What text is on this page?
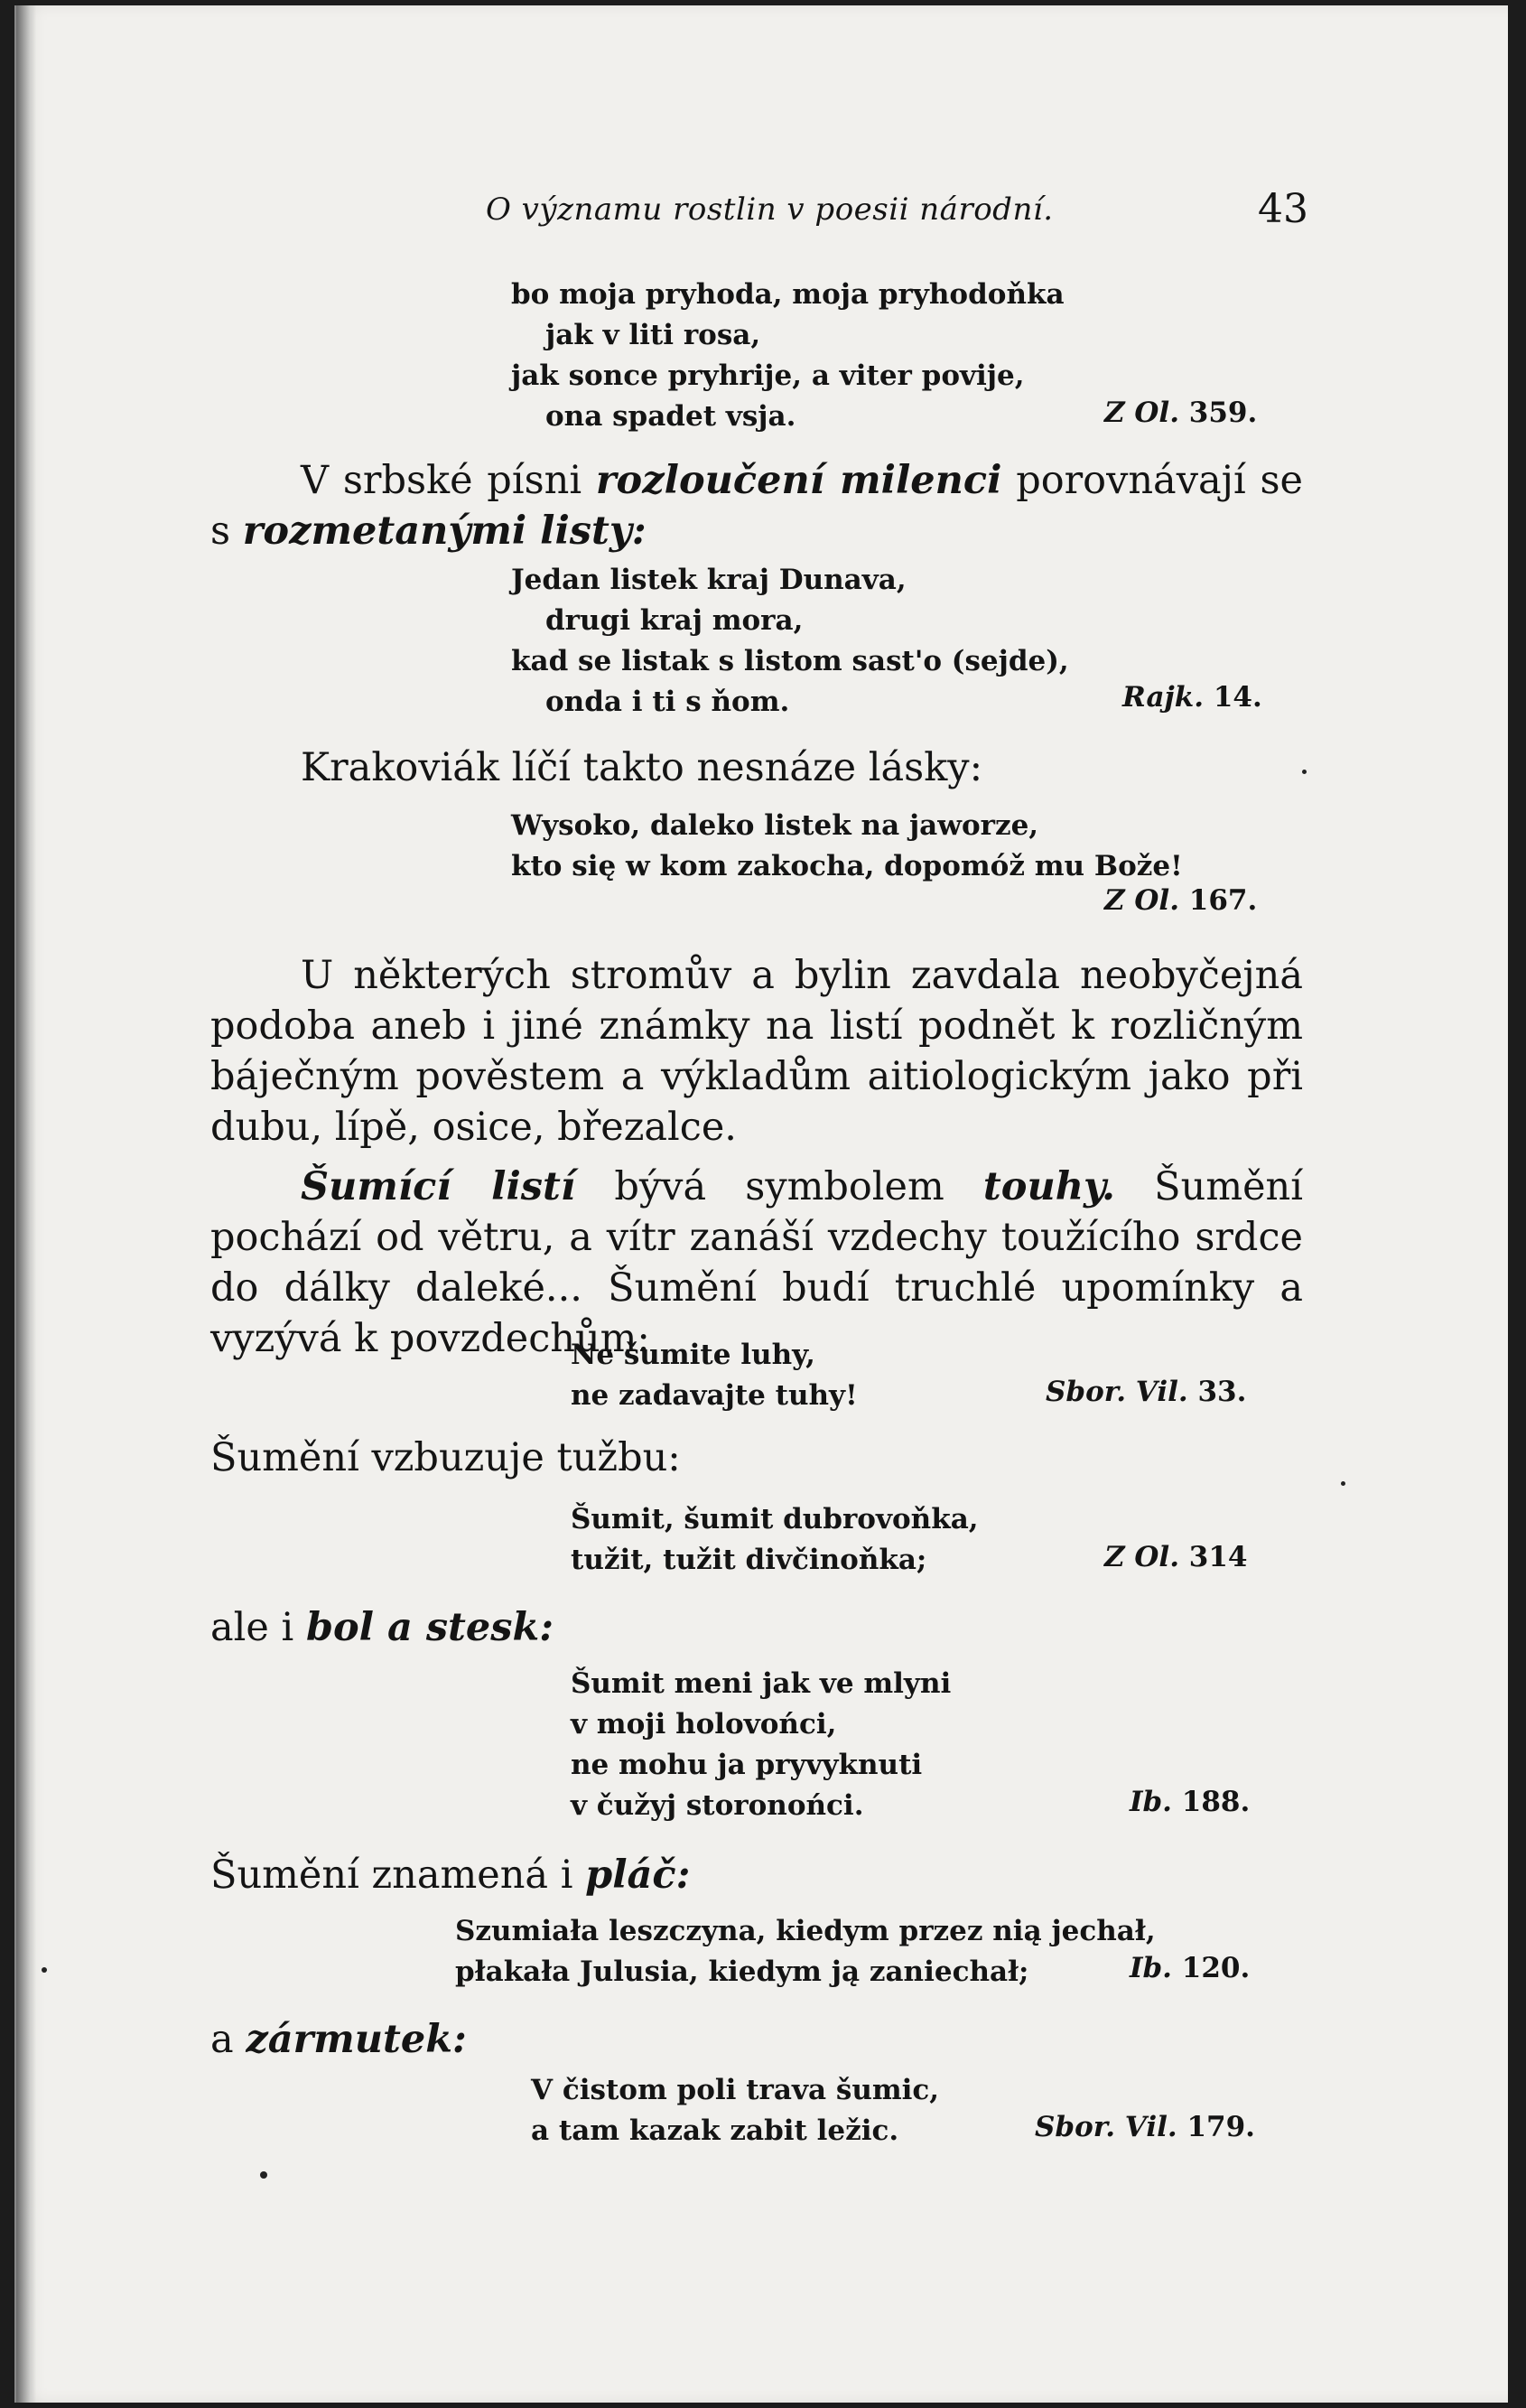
O významu rostlin v poesii národní.	43
bo moja pryhoda, moja pryhodoňka
jak v liti rosa,
jak sonce pryhrije, a viter povije,
ona spadet vsja.	Z Ol. 359.
V srbské písni rozloučení milenci porovnávají se s rozmetanými listy:
Jedan listek kraj Dunava,
drugi kraj mora,
kad se listak s listom sast'o (sejde),
onda i ti s ňom.	Rajk. 14.
Krakoviák líčí takto nesnáze lásky:
Wysoko, daleko listek na jaworze,
kto się w kom zakocha, dopomóž mu Bože!
Z Ol. 167.
U některých stromův a bylin zavdala neobyčejná podoba aneb i jiné známky na listí podnět k rozličným báječným pověstem a výkladům aitiologickým jako při dubu, lípě, osice, březalce.
Šumící listí bývá symbolem touhy. Šumění pochází od větru, a vítr zanáší vzdechy toužícího srdce do dálky daleké... Šumění budí truchlé upomínky a vyzývá k povzdechům:
Ne šumite luhy,
ne zadavajte tuhy!	Sbor. Vil. 33.
Šumění vzbuzuje tužbu:
Šumit, šumit dubrovoňka,
tužit, tužit divčinoňka;	Z Ol. 314
ale i bol a stesk:
Šumit meni jak ve mlyni
v moji holovońci,
ne mohu ja pryvyknuti
v čužyj storonońci.	Ib. 188.
Šumění znamená i pláč:
Szumiała leszczyna, kiedym przez nią jechał,
płakała Julusia, kiedym ją zaniechał;	Ib. 120.
a zármutek:
V čistom poli trava šumic,
a tam kazak zabit ležic.	Sbor. Vil. 179.
